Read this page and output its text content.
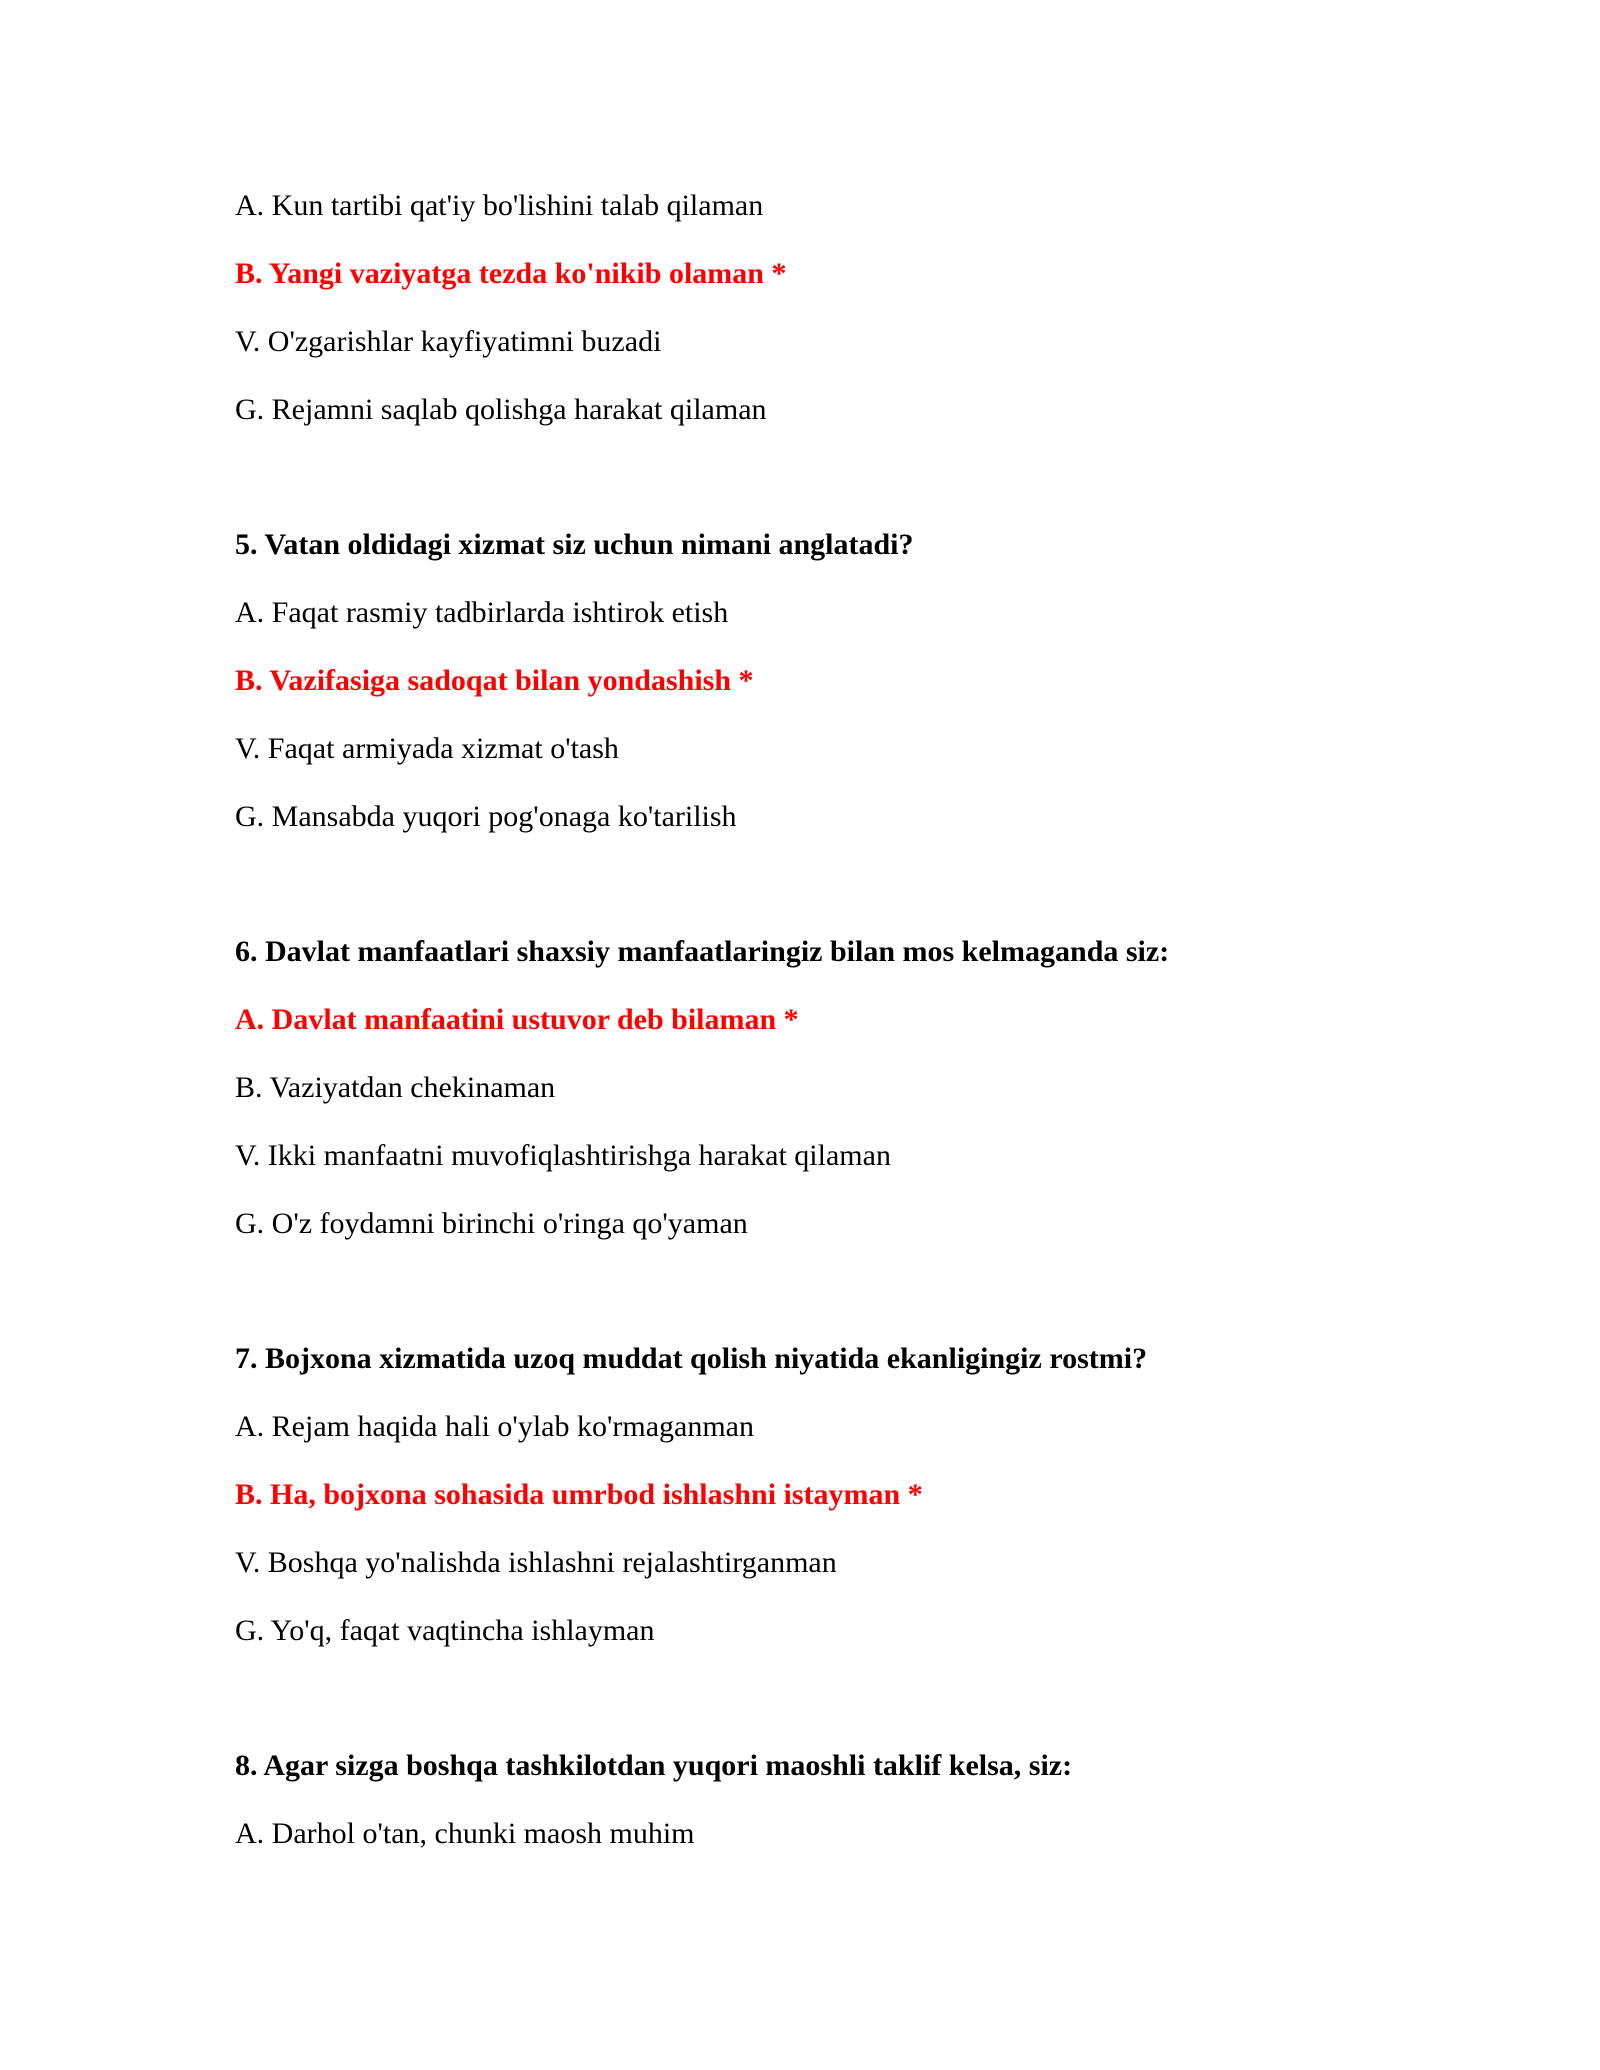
A. Kun tartibi qat'iy bo'lishini talab qilaman
B. Yangi vaziyatga tezda ko'nikib olaman *
V. O'zgarishlar kayfiyatimni buzadi
G. Rejamni saqlab qolishga harakat qilaman
5. Vatan oldidagi xizmat siz uchun nimani anglatadi?
A. Faqat rasmiy tadbirlarda ishtirok etish
B. Vazifasiga sadoqat bilan yondashish *
V. Faqat armiyada xizmat o'tash
G. Mansabda yuqori pog'onaga ko'tarilish
6. Davlat manfaatlari shaxsiy manfaatlaringiz bilan mos kelmaganda siz:
A. Davlat manfaatini ustuvor deb bilaman *
B. Vaziyatdan chekinaman
V. Ikki manfaatni muvofiqlashtirishga harakat qilaman
G. O'z foydamni birinchi o'ringa qo'yaman
7. Bojxona xizmatida uzoq muddat qolish niyatida ekanligingiz rostmi?
A. Rejam haqida hali o'ylab ko'rmaganman
B. Ha, bojxona sohasida umrbod ishlashni istayman *
V. Boshqa yo'nalishda ishlashni rejalashtirganman
G. Yo'q, faqat vaqtincha ishlayman
8. Agar sizga boshqa tashkilotdan yuqori maoshli taklif kelsa, siz:
A. Darhol o'tan, chunki maosh muhim
